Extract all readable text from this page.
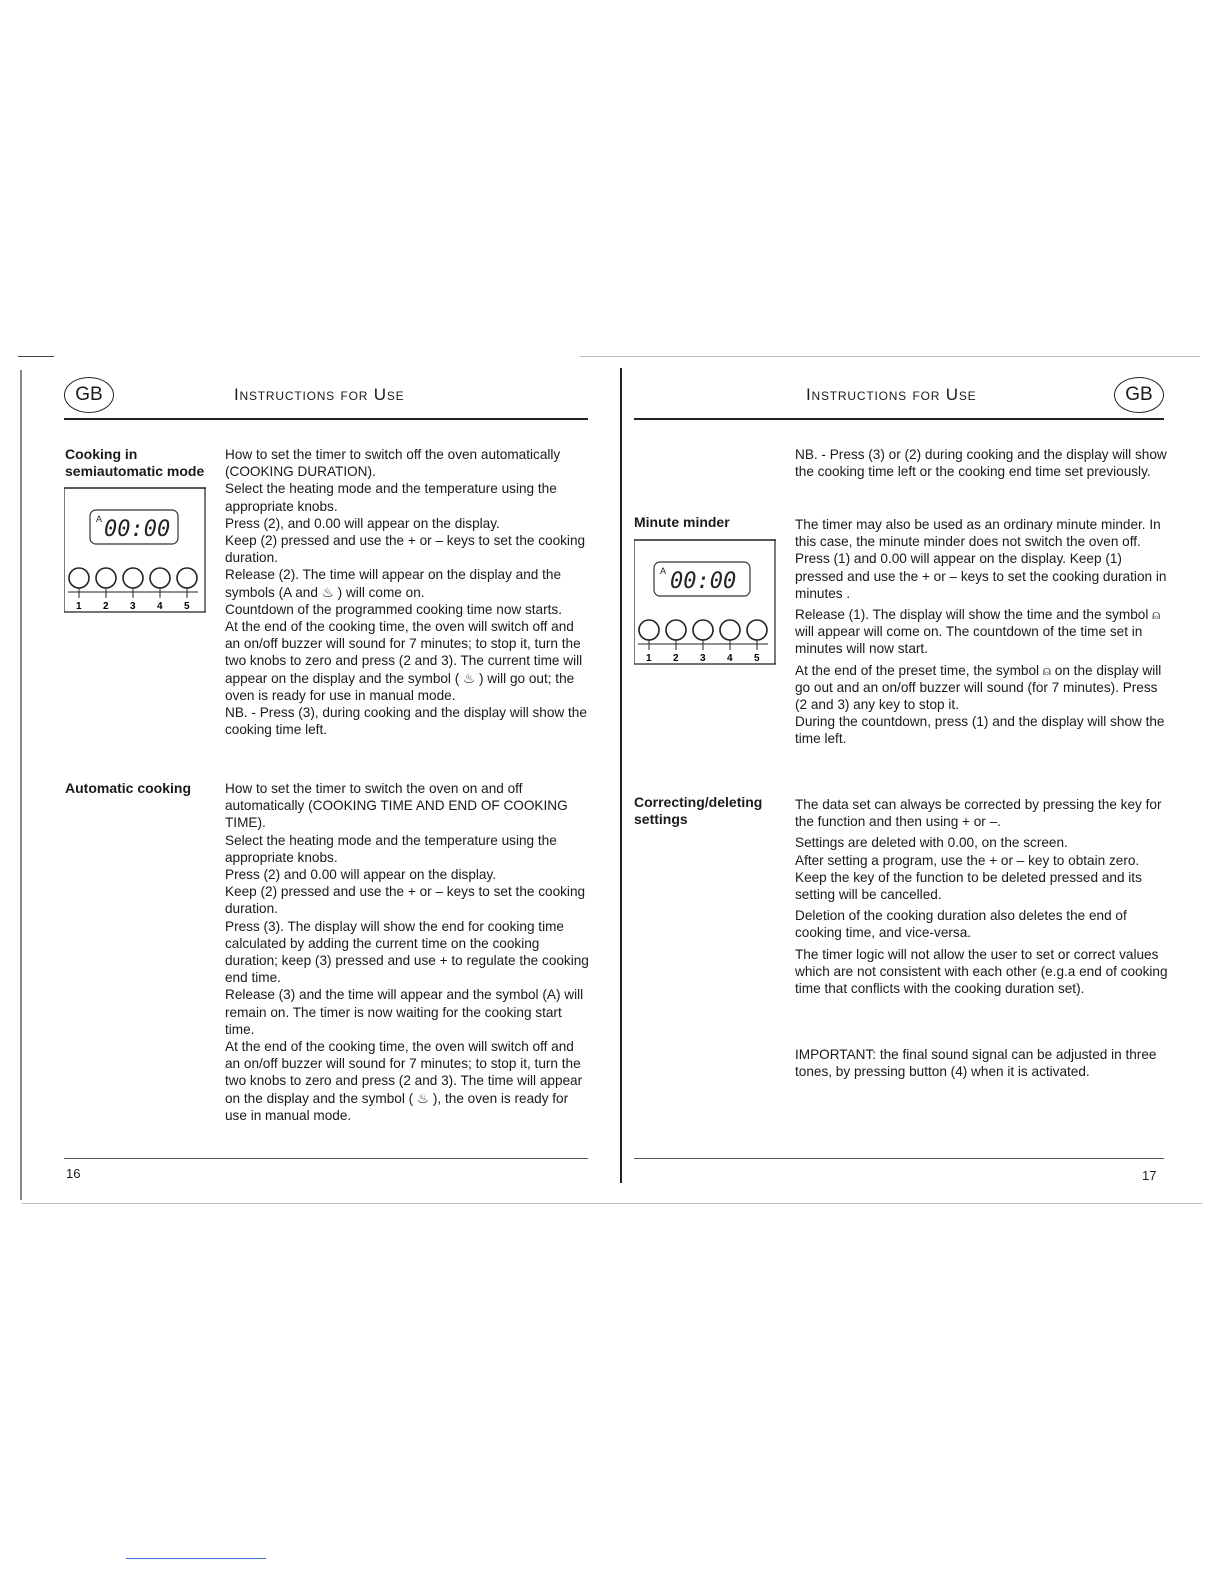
GB	Instructions for Use
Cooking in semiautomatic mode
A 00:00
1 2 3 4 5

How to set the timer to switch off the oven automatically (COOKING DURATION).

Select the heating mode and the temperature using the appropriate knobs.

Press (2), and 0.00 will appear on the display.

Keep (2) pressed and use the + or – keys to set the cooking duration.

Release (2). The time will appear on the display and the symbols (A and ♨ ) will come on.

Countdown of the programmed cooking time now starts.

At the end of the cooking time, the oven will switch off and an on/off buzzer will sound for 7 minutes; to stop it, turn the two knobs to zero and press (2 and 3). The current time will appear on the display and the symbol ( ♨ ) will go out; the oven is ready for use in manual mode.

NB. - Press (3), during cooking and the display will show the cooking time left.

Automatic cooking	How to set the timer to switch the oven on and off automatically (COOKING TIME AND END OF COOKING TIME).

Select the heating mode and the temperature using the appropriate knobs.

Press (2) and 0.00 will appear on the display.

Keep (2) pressed and use the + or – keys to set the cooking duration.

Press (3). The display will show the end for cooking time calculated by adding the current time on the cooking duration; keep (3) pressed and use + to regulate the cooking end time.

Release (3) and the time will appear and the symbol (A) will remain on. The timer is now waiting for the cooking start time.

At the end of the cooking time, the oven will switch off and an on/off buzzer will sound for 7 minutes; to stop it, turn the two knobs to zero and press (2 and 3). The time will appear on the display and the symbol ( ♨ ), the oven is ready for use in manual mode.

16
Instructions for Use	GB
NB. - Press (3) or (2) during cooking and the display will show the cooking time left or the cooking end time set previously.
Minute minder
A 00:00
1 2 3 4 5

The timer may also be used as an ordinary minute minder. In this case, the minute minder does not switch the oven off.

Press (1) and 0.00 will appear on the display. Keep (1) pressed and use the + or – keys to set the cooking duration in minutes .

Release (1). The display will show the time and the symbol ⍝ will appear will come on. The countdown of the time set in minutes will now start.

At the end of the preset time, the symbol ⍝ on the display will go out and an on/off buzzer will sound (for 7 minutes). Press (2 and 3) any key to stop it.

During the countdown, press (1) and the display will show the time left.

Correcting/deleting settings

The data set can always be corrected by pressing the key for the function and then using + or –.

Settings are deleted with 0.00, on the screen.

After setting a program, use the + or – key to obtain zero. Keep the key of the function to be deleted pressed and its setting will be cancelled.

Deletion of the cooking duration also deletes the end of cooking time, and vice-versa.

The timer logic will not allow the user to set or correct values which are not consistent with each other (e.g.a end of cooking time that conflicts with the cooking duration set).

IMPORTANT: the final sound signal can be adjusted in three tones, by pressing button (4) when it is activated.
17
